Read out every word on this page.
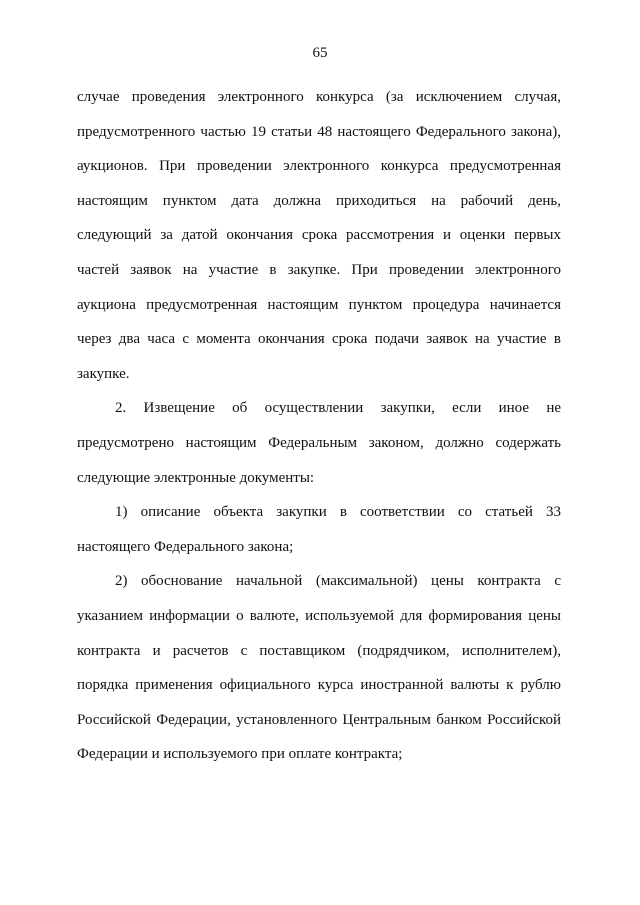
65

случае проведения электронного конкурса (за исключением случая, предусмотренного частью 19 статьи 48 настоящего Федерального закона), аукционов. При проведении электронного конкурса предусмотренная настоящим пунктом дата должна приходиться на рабочий день, следующий за датой окончания срока рассмотрения и оценки первых частей заявок на участие в закупке. При проведении электронного аукциона предусмотренная настоящим пунктом процедура начинается через два часа с момента окончания срока подачи заявок на участие в закупке.

2. Извещение об осуществлении закупки, если иное не предусмотрено настоящим Федеральным законом, должно содержать следующие электронные документы:

1) описание объекта закупки в соответствии со статьей 33 настоящего Федерального закона;

2) обоснование начальной (максимальной) цены контракта с указанием информации о валюте, используемой для формирования цены контракта и расчетов с поставщиком (подрядчиком, исполнителем), порядка применения официального курса иностранной валюты к рублю Российской Федерации, установленного Центральным банком Российской Федерации и используемого при оплате контракта;
